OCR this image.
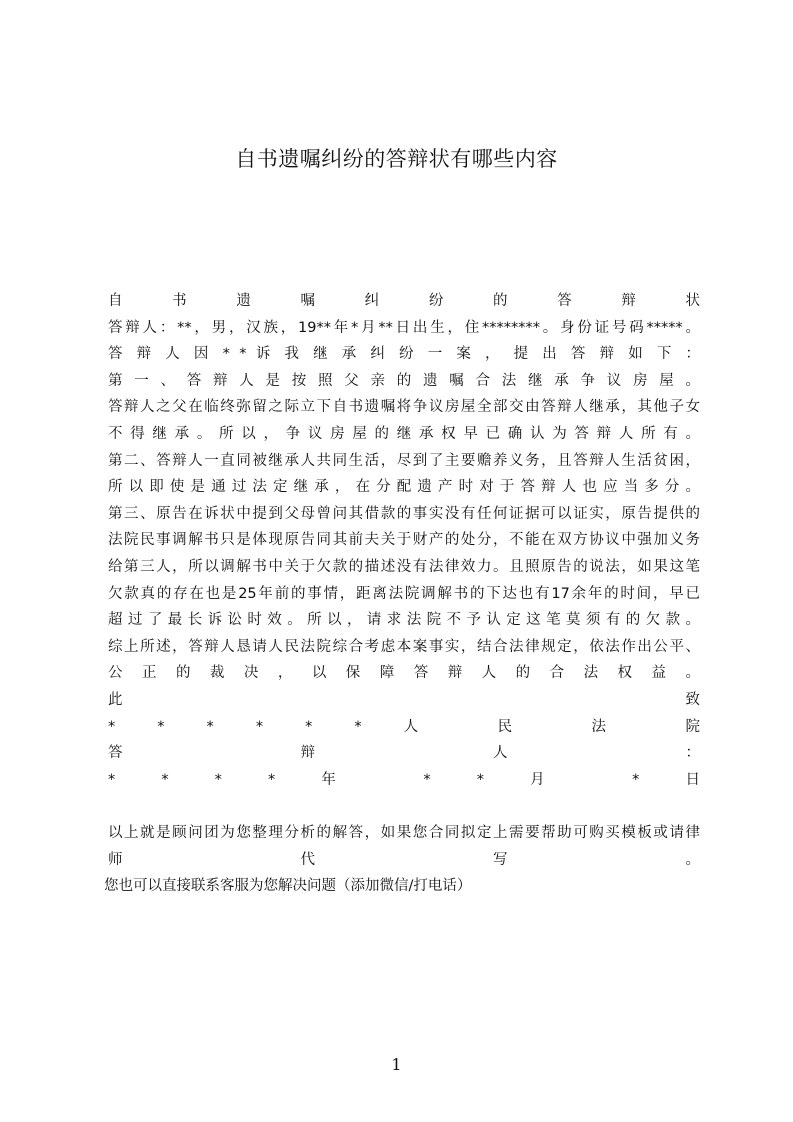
自书遗嘱纠纷的答辩状有哪些内容
自 书 遗 嘱 纠 纷 的 答 辩 状
答辩人：**，男，汉族，19**年*月**日出生，住********。身份证号码*****。
答 辩 人 因 * * 诉 我 继 承 纠 纷 一 案 ， 提 出 答 辩 如 下 ：
第 一 、 答 辩 人 是 按 照 父 亲 的 遗 嘱 合 法 继 承 争 议 房 屋 。
答辩人之父在临终弥留之际立下自书遗嘱将争议房屋全部交由答辩人继承，其他子女
不 得 继 承 。 所 以 ， 争 议 房 屋 的 继 承 权 早 已 确 认 为 答 辩 人 所 有 。
第二、答辩人一直同被继承人共同生活，尽到了主要赡养义务，且答辩人生活贫困，
所 以 即 使 是 通 过 法 定 继 承 ， 在 分 配 遗 产 时 对 于 答 辩 人 也 应 当 多 分 。
第三、原告在诉状中提到父母曾问其借款的事实没有任何证据可以证实，原告提供的
法院民事调解书只是体现原告同其前夫关于财产的处分，不能在双方协议中强加义务
给第三人，所以调解书中关于欠款的描述没有法律效力。且照原告的说法，如果这笔
欠款真的存在也是25年前的事情，距离法院调解书的下达也有17余年的时间，早已
超 过 了 最 长 诉 讼 时 效 。 所 以 ， 请 求 法 院 不 予 认 定 这 笔 莫 须 有 的 欠 款 。
综上所述，答辩人恳请人民法院综合考虑本案事实，结合法律规定，依法作出公平、
公 正 的 裁 决 ， 以 保 障 答 辩 人 的 合 法 权 益 。
此 致
* * * * * * 人 民 法 院
答 辩 人 ：
* * * * 年 * * 月 * 日
以上就是顾问团为您整理分析的解答，如果您合同拟定上需要帮助可购买模板或请律
师 代 写 。
您也可以直接联系客服为您解决问题（添加微信/打电话）
1
